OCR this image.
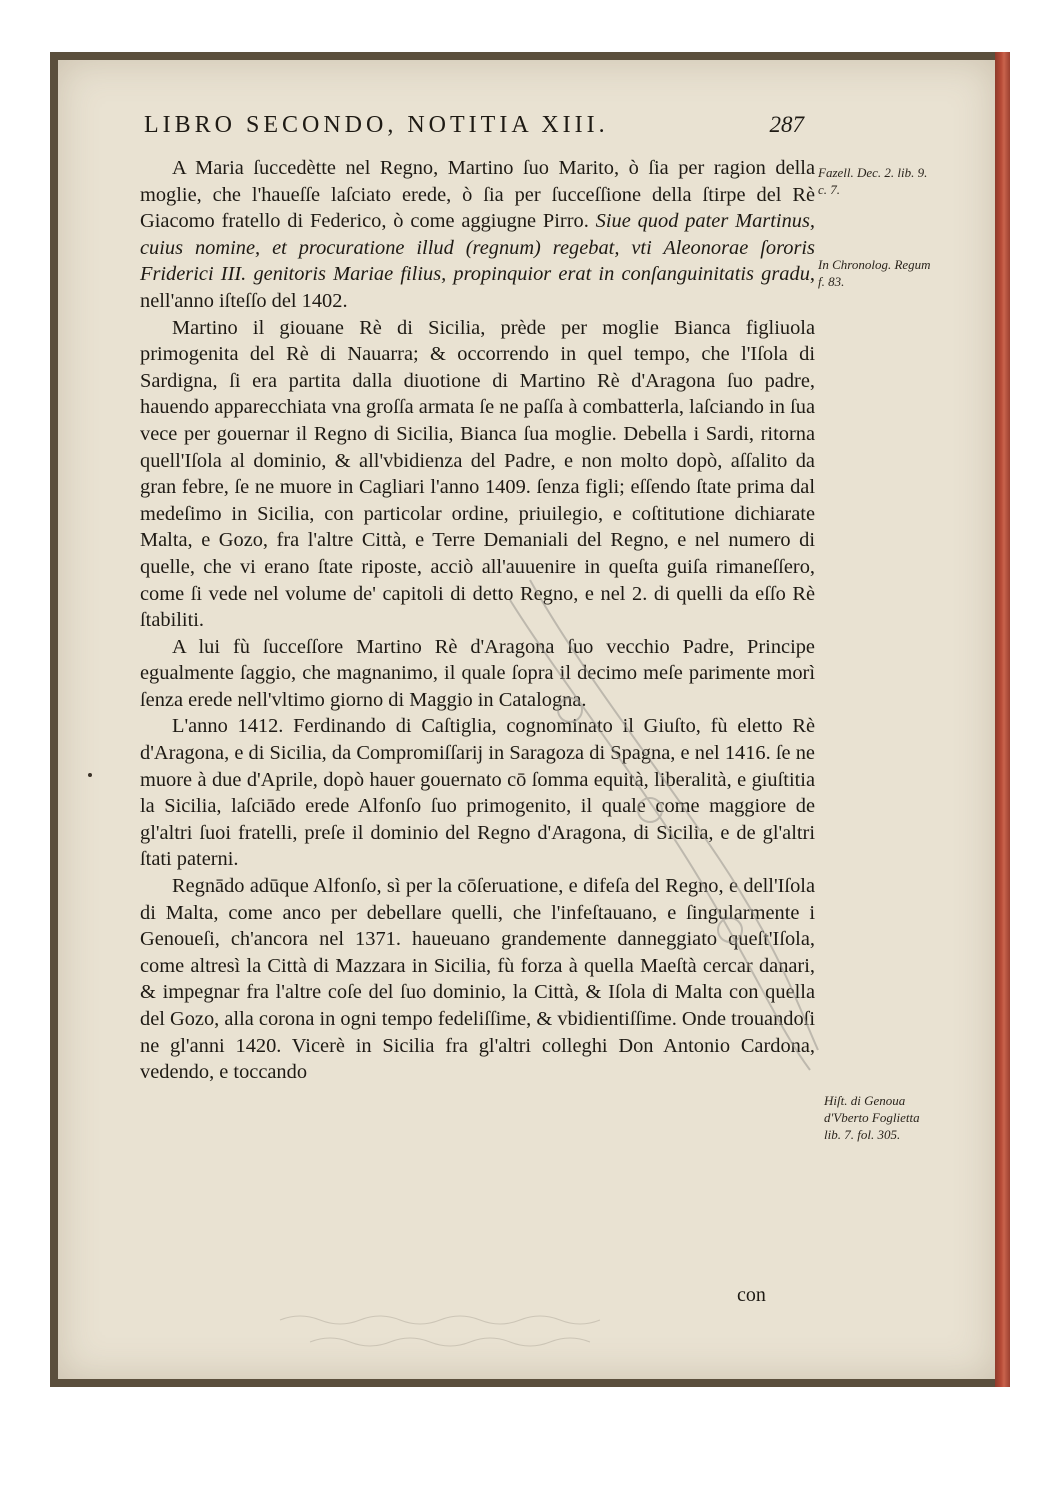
LIBRO SECONDO, NOTITIA XIII.	287

A Maria ſuccedètte nel Regno, Martino ſuo Marito, ò ſia per ragion della moglie, che l'haueſſe laſciato erede, ò ſia per ſucceſſione della ſtirpe del Rè Giacomo fratello di Federico, ò come aggiugne Pirro. Siue quod pater Martinus, cuius nomine, et procuratione illud (regnum) regebat, vti Aleonorae ſororis Friderici III. genitoris Mariae filius, propinquior erat in conſanguinitatis gradu, nell'anno iſteſſo del 1402.

Martino il giouane Rè di Sicilia, prède per moglie Bianca figliuola primogenita del Rè di Nauarra; & occorrendo in quel tempo, che l'Iſola di Sardigna, ſi era partita dalla diuotione di Martino Rè d'Aragona ſuo padre, hauendo apparecchiata vna groſſa armata ſe ne paſſa à combatterla, laſciando in ſua vece per gouernar il Regno di Sicilia, Bianca ſua moglie. Debella i Sardi, ritorna quell'Iſola al dominio, & all'vbidienza del Padre, e non molto dopò, aſſalito da gran febre, ſe ne muore in Cagliari l'anno 1409. ſenza figli; eſſendo ſtate prima dal medeſimo in Sicilia, con particolar ordine, priuilegio, e coſtitutione dichiarate Malta, e Gozo, fra l'altre Città, e Terre Demaniali del Regno, e nel numero di quelle, che vi erano ſtate riposte, acciò all'auuenire in queſta guiſa rimaneſſero, come ſi vede nel volume de' capitoli di detto Regno, e nel 2. di quelli da eſſo Rè ſtabiliti.

A lui fù ſucceſſore Martino Rè d'Aragona ſuo vecchio Padre, Principe egualmente ſaggio, che magnanimo, il quale ſopra il decimo meſe parimente morì ſenza erede nell'vltimo giorno di Maggio in Catalogna.

L'anno 1412. Ferdinando di Caſtiglia, cognominato il Giuſto, fù eletto Rè d'Aragona, e di Sicilia, da Compromiſſarij in Saragoza di Spagna, e nel 1416. ſe ne muore à due d'Aprile, dopò hauer gouernato cō ſomma equità, liberalità, e giuſtitia la Sicilia, laſciādo erede Alfonſo ſuo primogenito, il quale come maggiore de gl'altri ſuoi fratelli, preſe il dominio del Regno d'Aragona, di Sicilia, e de gl'altri ſtati paterni.

Regnādo adūque Alfonſo, sì per la cōſeruatione, e difeſa del Regno, e dell'Iſola di Malta, come anco per debellare quelli, che l'infeſtauano, e ſingularmente i Genoueſi, ch'ancora nel 1371. haueuano grandemente danneggiato queſt'Iſola, come altresì la Città di Mazzara in Sicilia, fù forza à quella Maeſtà cercar danari, & impegnar fra l'altre coſe del ſuo dominio, la Città, & Iſola di Malta con quella del Gozo, alla corona in ogni tempo fedeliſſime, & vbidientiſſime. Onde trouandoſi ne gl'anni 1420. Vicerè in Sicilia fra gl'altri colleghi Don Antonio Cardona, vedendo, e toccando

con
Fazell. Dec. 2. lib. 9. c. 7.
In Chronolog. Regum f. 83.
Hiſt. di Genoua d'Vberto Foglietta lib. 7. fol. 305.
